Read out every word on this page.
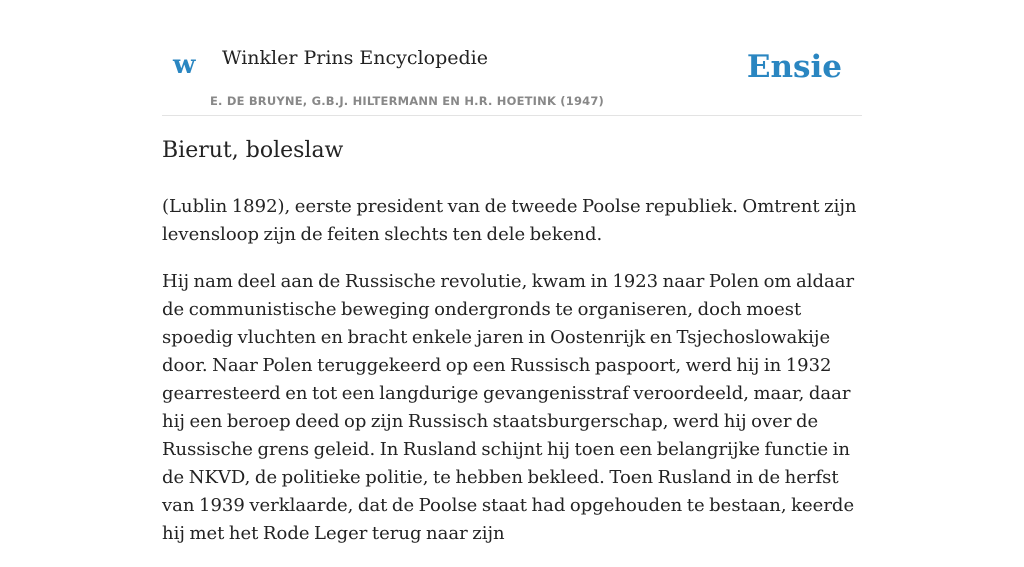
w Winkler Prins Encyclopedie
E. DE BRUYNE, G.B.J. HILTERMANN EN H.R. HOETINK (1947)
Ensie
Bierut, boleslaw

(Lublin 1892), eerste president van de tweede Poolse republiek. Omtrent zijn levensloop zijn de feiten slechts ten dele bekend.

Hij nam deel aan de Russische revolutie, kwam in 1923 naar Polen om aldaar de communistische beweging ondergronds te organiseren, doch moest spoedig vluchten en bracht enkele jaren in Oostenrijk en Tsjechoslowakije door. Naar Polen teruggekeerd op een Russisch paspoort, werd hij in 1932 gearresteerd en tot een langdurige gevangenisstraf veroordeeld, maar, daar hij een beroep deed op zijn Russisch staatsburgerschap, werd hij over de Russische grens geleid. In Rusland schijnt hij toen een belangrijke functie in de NKVD, de politieke politie, te hebben bekleed. Toen Rusland in de herfst van 1939 verklaarde, dat de Poolse staat had opgehouden te bestaan, keerde hij met het Rode Leger terug naar zijn
